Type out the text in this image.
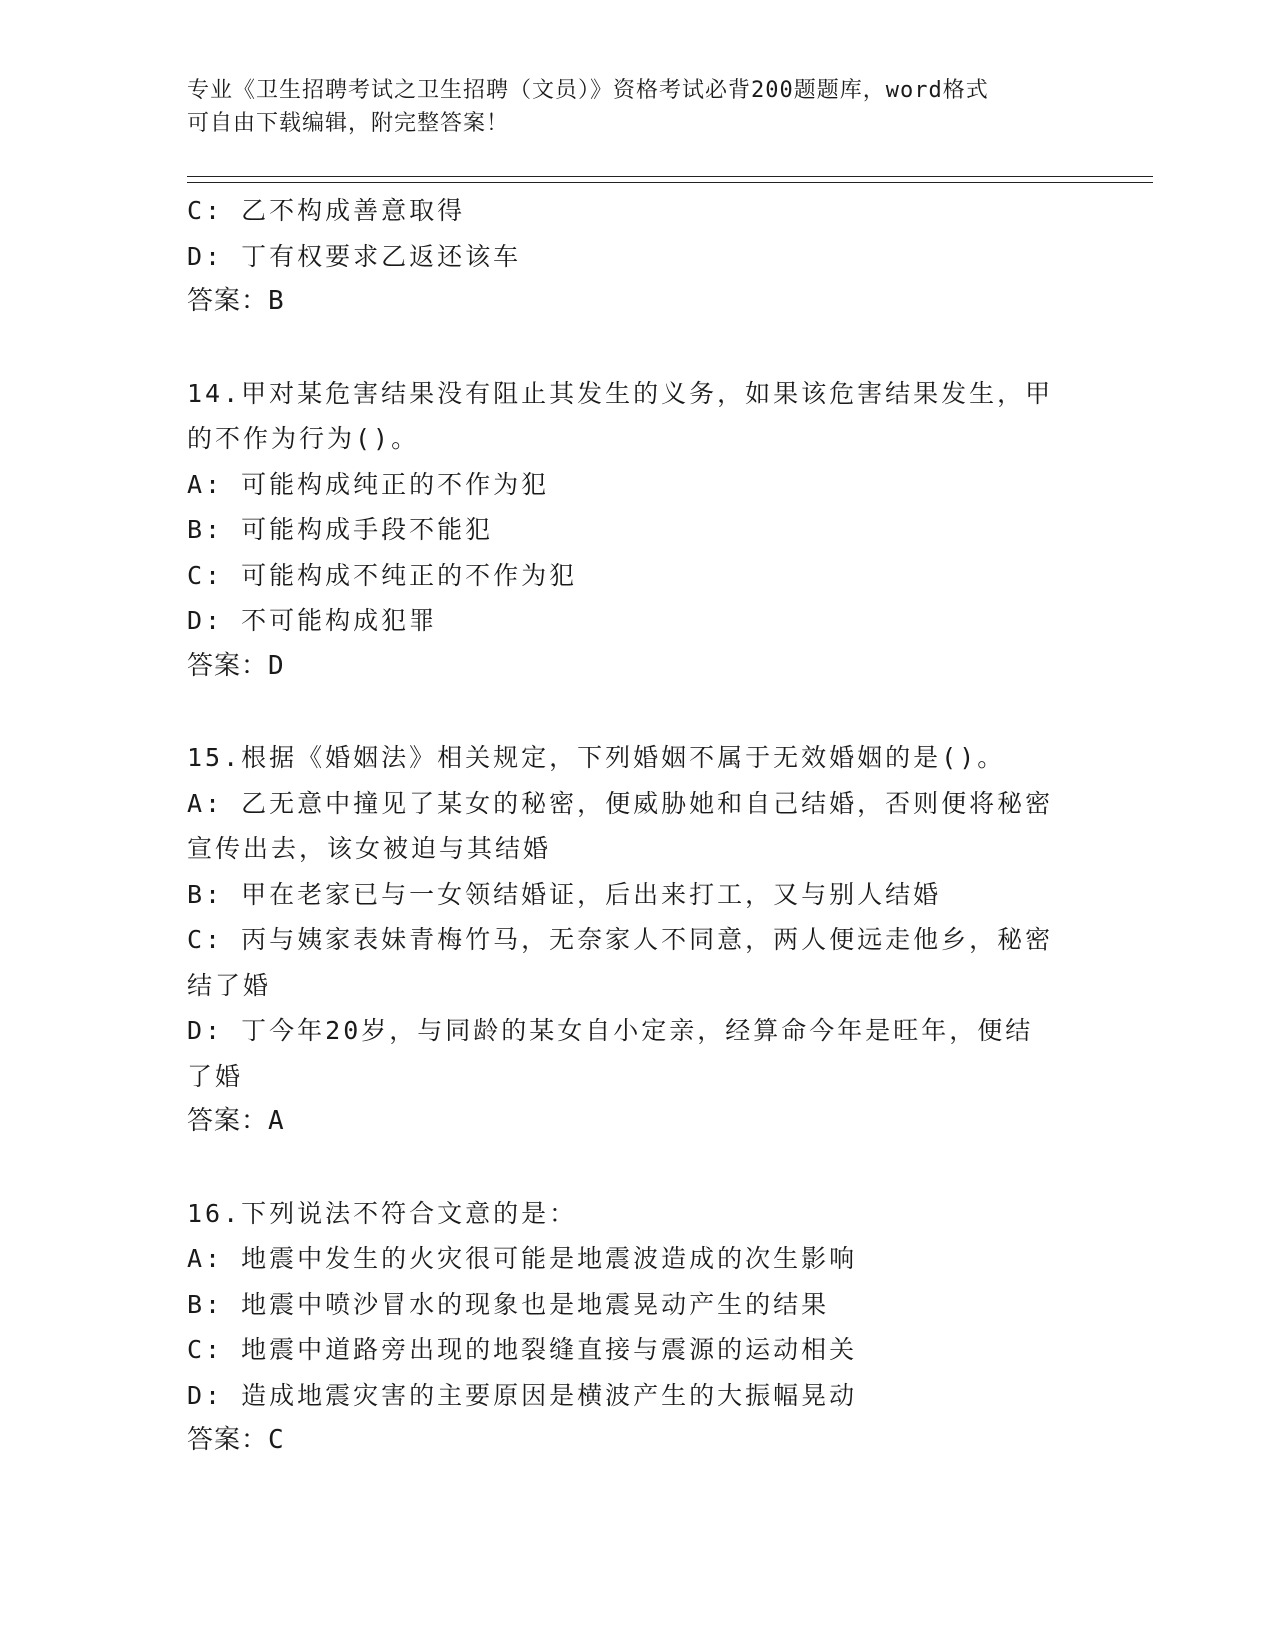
专业《卫生招聘考试之卫生招聘（文员）》资格考试必背200题题库，word格式
可自由下载编辑，附完整答案！
C: 乙不构成善意取得
D: 丁有权要求乙返还该车
答案：B
14.甲对某危害结果没有阻止其发生的义务，如果该危害结果发生，甲
的不作为行为()。
A: 可能构成纯正的不作为犯
B: 可能构成手段不能犯
C: 可能构成不纯正的不作为犯
D: 不可能构成犯罪
答案：D
15.根据《婚姻法》相关规定，下列婚姻不属于无效婚姻的是()。
A: 乙无意中撞见了某女的秘密，便威胁她和自己结婚，否则便将秘密
宣传出去，该女被迫与其结婚
B: 甲在老家已与一女领结婚证，后出来打工，又与别人结婚
C: 丙与姨家表妹青梅竹马，无奈家人不同意，两人便远走他乡，秘密
结了婚
D: 丁今年20岁，与同龄的某女自小定亲，经算命今年是旺年，便结
了婚
答案：A
16.下列说法不符合文意的是：
A: 地震中发生的火灾很可能是地震波造成的次生影响
B: 地震中喷沙冒水的现象也是地震晃动产生的结果
C: 地震中道路旁出现的地裂缝直接与震源的运动相关
D: 造成地震灾害的主要原因是横波产生的大振幅晃动
答案：C
